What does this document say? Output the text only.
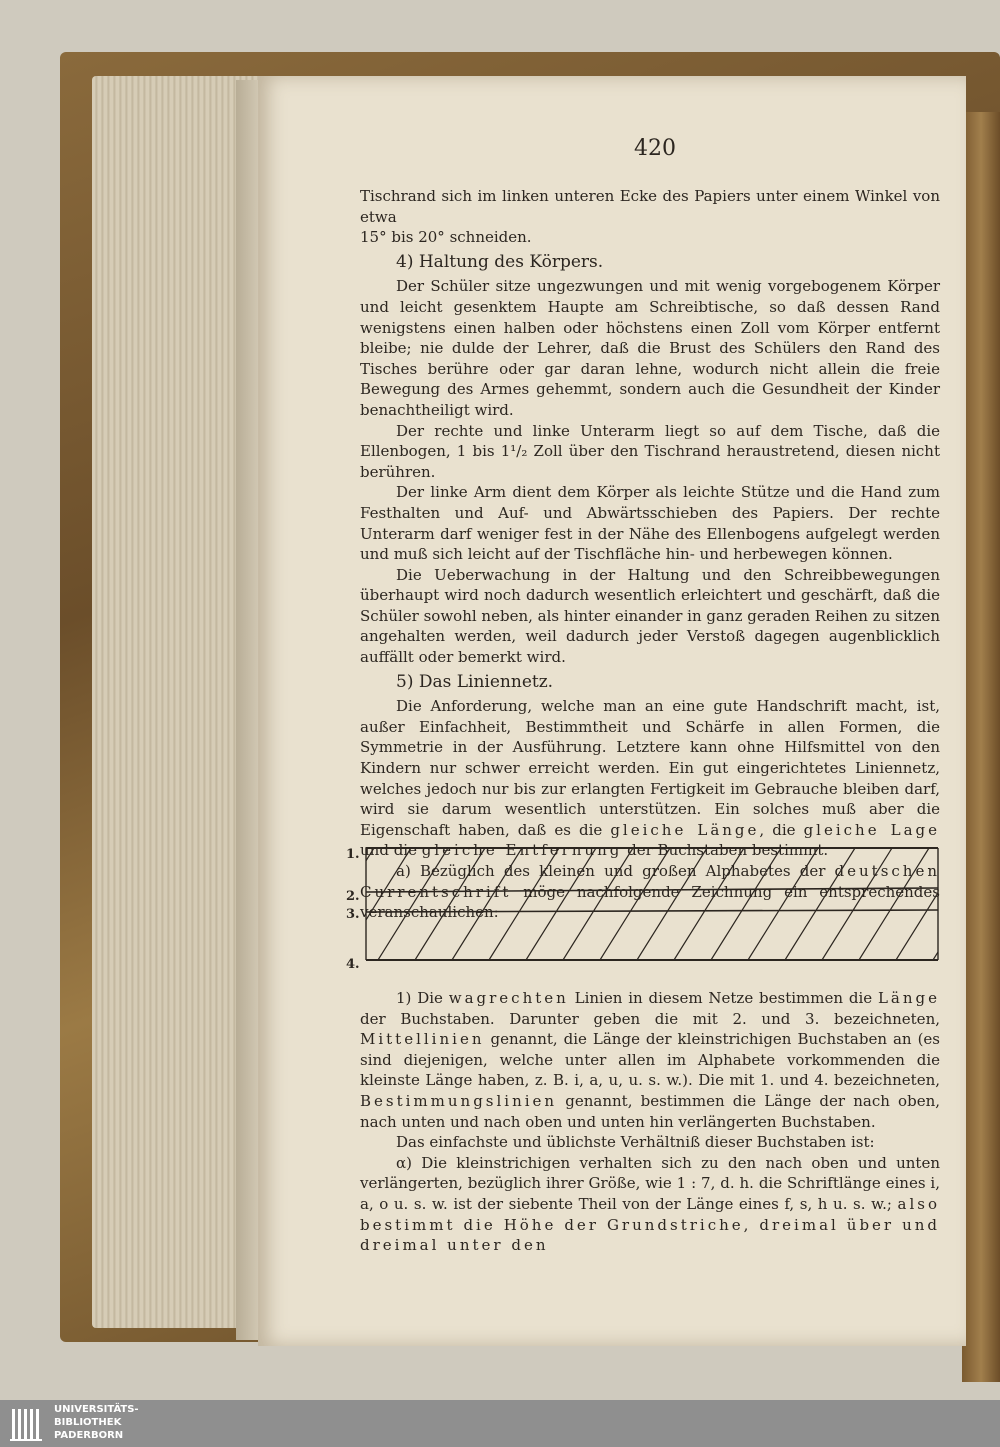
420
Tischrand sich im linken unteren Ecke des Papiers unter einem Winkel von etwa
15° bis 20° schneiden.
4) Haltung des Körpers.

Der Schüler sitze ungezwungen und mit wenig vorgebogenem Körper und leicht gesenktem Haupte am Schreibtische, so daß dessen Rand wenigstens einen halben oder höchstens einen Zoll vom Körper entfernt bleibe; nie dulde der Lehrer, daß die Brust des Schülers den Rand des Tisches berühre oder gar daran lehne, wodurch nicht allein die freie Bewegung des Armes gehemmt, sondern auch die Gesundheit der Kinder benachtheiligt wird.

Der rechte und linke Unterarm liegt so auf dem Tische, daß die Ellenbogen, 1 bis 1¹/₂ Zoll über den Tischrand heraustretend, diesen nicht berühren.

Der linke Arm dient dem Körper als leichte Stütze und die Hand zum Festhalten und Auf- und Abwärtsschieben des Papiers. Der rechte Unterarm darf weniger fest in der Nähe des Ellenbogens aufgelegt werden und muß sich leicht auf der Tischfläche hin- und herbewegen können.

Die Ueberwachung in der Haltung und den Schreibbewegungen überhaupt wird noch dadurch wesentlich erleichtert und geschärft, daß die Schüler sowohl neben, als hinter einander in ganz geraden Reihen zu sitzen angehalten werden, weil dadurch jeder Verstoß dagegen augenblicklich auffällt oder bemerkt wird.

5) Das Liniennetz.

Die Anforderung, welche man an eine gute Handschrift macht, ist, außer Einfachheit, Bestimmtheit und Schärfe in allen Formen, die Symmetrie in der Ausführung. Letztere kann ohne Hilfsmittel von den Kindern nur schwer erreicht werden. Ein gut eingerichtetes Liniennetz, welches jedoch nur bis zur erlangten Fertigkeit im Gebrauche bleiben darf, wird sie darum wesentlich unterstützen. Ein solches muß aber die Eigenschaft haben, daß es die gleiche Länge, die gleiche Lage und die gleiche Entfernung der Buchstaben bestimmt.

a) Bezüglich des kleinen und großen Alphabetes der deutschen Currentschrift möge nachfolgende Zeichnung ein entsprechendes veranschaulichen:

1.
2.
3.
4.

1) Die wagrechten Linien in diesem Netze bestimmen die Länge der Buchstaben. Darunter geben die mit 2. und 3. bezeichneten, Mittellinien genannt, die Länge der kleinstrichigen Buchstaben an (es sind diejenigen, welche unter allen im Alphabete vorkommenden die kleinste Länge haben, z. B. i, a, u, u. s. w.). Die mit 1. und 4. bezeichneten, Bestimmungslinien genannt, bestimmen die Länge der nach oben, nach unten und nach oben und unten hin verlängerten Buchstaben.

Das einfachste und üblichste Verhältniß dieser Buchstaben ist:

α) Die kleinstrichigen verhalten sich zu den nach oben und unten verlängerten, bezüglich ihrer Größe, wie 1 : 7, d. h. die Schriftlänge eines i, a, o u. s. w. ist der siebente Theil von der Länge eines f, s, h u. s. w.; also bestimmt die Höhe der Grundstriche, dreimal über und dreimal unter den

UNIVERSITÄTS-
BIBLIOTHEK
PADERBORN
